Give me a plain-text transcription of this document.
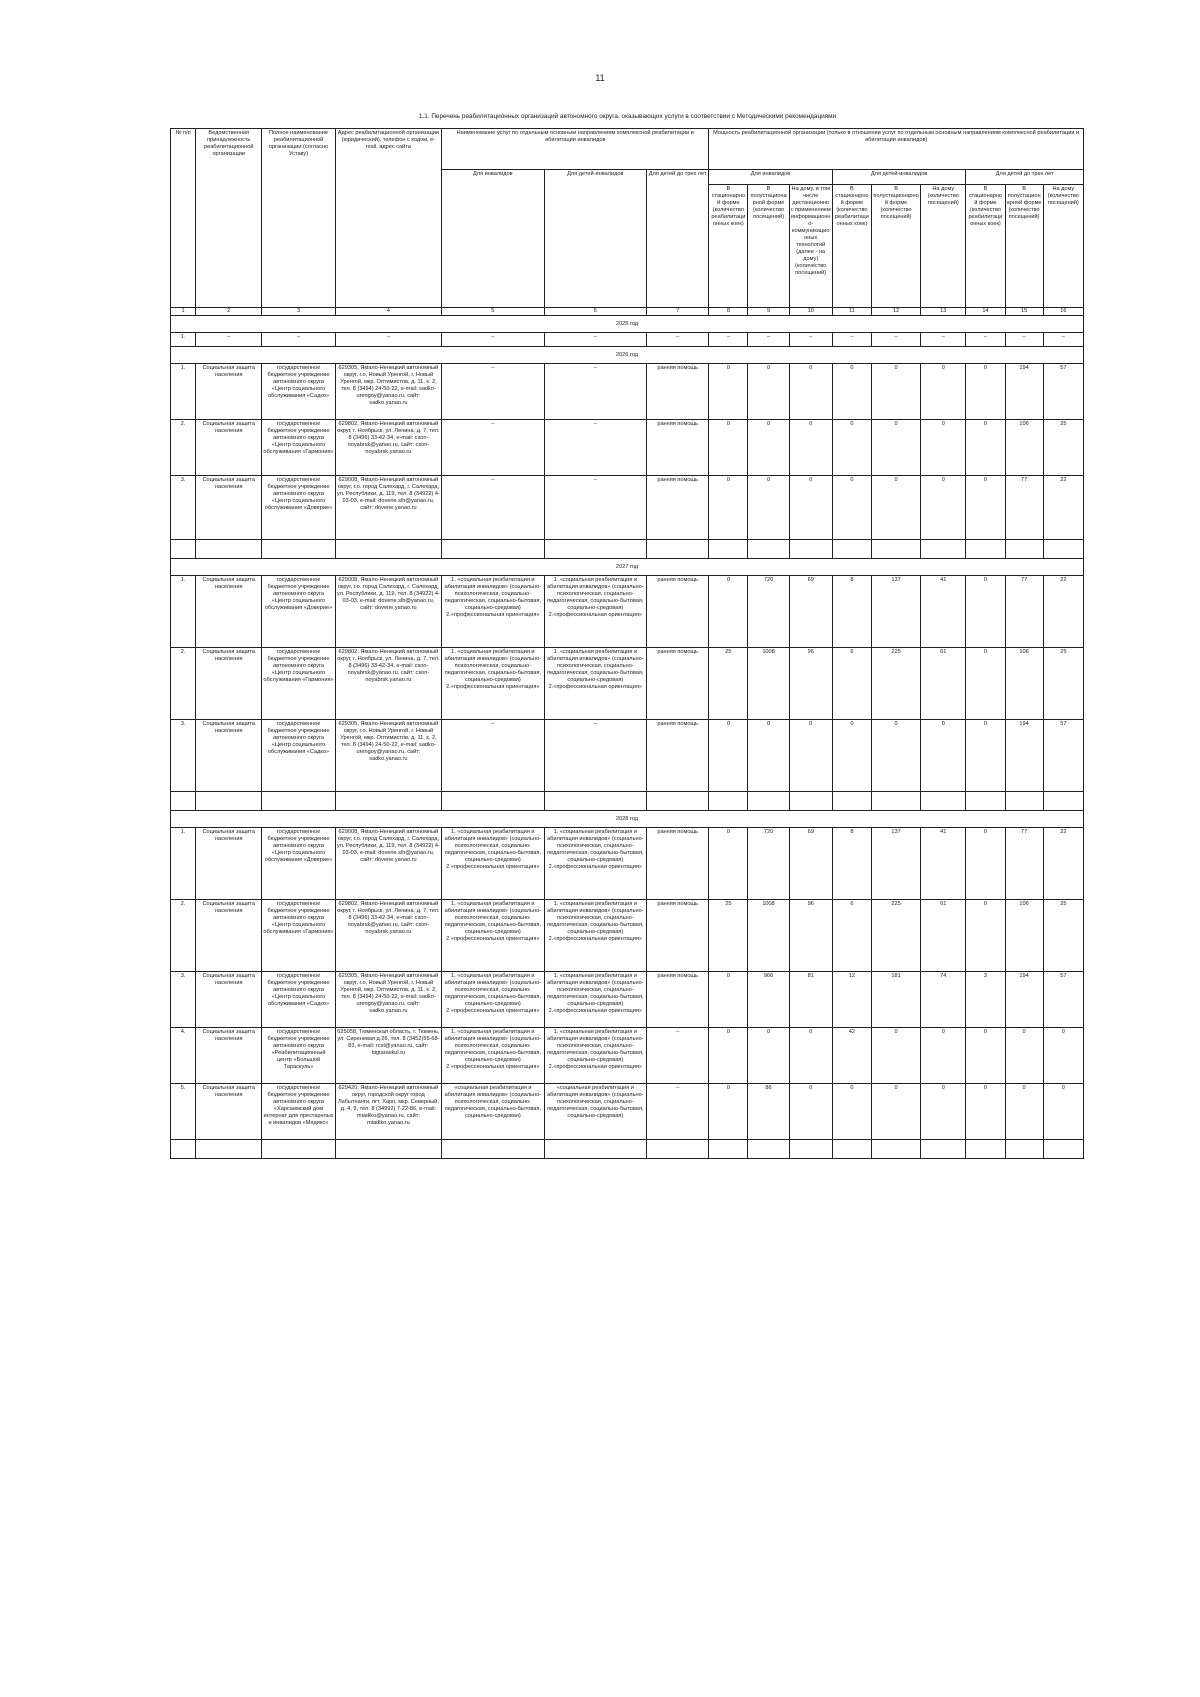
11
1.1. Перечень реабилитационных организаций автономного округа, оказывающих услуги в соответствии с Методическими рекомендациями
№ п/п	Ведомственная принадлежность реабилитационной организации	Полное наименование реабилитационной организации (согласно Уставу)	Адрес реабилитационной организации (юридический), телефон с кодом, e-mail, адрес сайта	Наименование услуг по отдельным основным направлениям комплексной реабилитации и абилитации инвалидов			Мощность реабилитационной организации (только в отношении услуг по отдельным основным направлениям комплексной реабилитации и абилитации инвалидов)								
				Для инвалидов	Для детей-инвалидов	Для детей до трех лет	Для инвалидов			Для детей-инвалидов			Для детей до трех лет		
							В стационарной форме (количество реабилитационных коек)	В полустационарной форме (количество посещений)	На дому, в том числе дистанционно с применением информационно-коммуникационных технологий (далее - на дому) (количество посещений)	В стационарной форме (количество реабилитационных коек)	В полустационарной форме (количество посещений)	На дому (количество посещений)	В стационарной форме (количество реабилитационных коек)	В полустационарной форме (количество посещений)	На дому (количество посещений)
1	2	3	4	5	6	7	8	9	10	11	12	13	14	15	16
2025 год															
1.	–	–	–	–	–	–	–	–	–	–	–	–	–	–	–
2026 год															
1.	Социальная защита населения	государственное бюджетное учреждение автономного округа «Центр социального обслуживания «Садко»	629305, Ямало-Ненецкий автономный округ, г.о. Новый Уренгой, г. Новый Уренгой, мкр. Оптимистов, д. 11, к. 2, тел. 8 (3494) 24-50-22, e-mail: sadko-urengoy@yanao.ru, сайт: sadko.yanao.ru	–	–	ранняя помощь	0	0	0	0	0	0	0	194	57
2.	Социальная защита населения	государственное бюджетное учреждение автономного округа «Центр социального обслуживания «Гармония»	629802, Ямало-Ненецкий автономный округ, г. Ноябрьск, ул. Ленина, д. 7, тел. 8 (3496) 33-42-34, e-mail: cson-noyabrsk@yanao.ru, сайт: cson-noyabrsk.yanao.ru	–	–	ранняя помощь	0	0	0	0	0	0	0	106	25
3.	Социальная защита населения	государственное бюджетное учреждение автономного округа «Центр социального обслуживания «Доверие»	629008, Ямало-Ненецкий автономный округ, г.о. город Салехард, г. Салехард, ул. Республики, д. 119, тел. 8 (34922) 4-03-03, e-mail: doverie.slh@yanao.ru, сайт: doverie.yanao.ru	–	–	ранняя помощь	0	0	0	0	0	0	0	77	22

2027 год															
1.	Социальная защита населения	государственное бюджетное учреждение автономного округа «Центр социального обслуживания «Доверие»	629008, Ямало-Ненецкий автономный округ, г.о. город Салехард, г. Салехард, ул. Республики, д. 119, тел. 8 (34922) 4-03-03, e-mail: doverie.slh@yanao.ru, сайт: doverie.yanao.ru	1. «социальная реабилитация и абилитация инвалидов» (социально-психологическая, социально-педагогическая, социально-бытовая, социально-средовая) 2.«профессиональная ориентация»	1. «социальная реабилитация и абилитация инвалидов» (социально-психологическая, социально-педагогическая, социально-бытовая, социально-средовая) 2.«профессиональная ориентация»	ранняя помощь	0	720	69	8	137	41	0	77	22
2.	Социальная защита населения	государственное бюджетное учреждение автономного округа «Центр социального обслуживания «Гармония»	629802, Ямало-Ненецкий автономный округ, г. Ноябрьск, ул. Ленина, д. 7, тел. 8 (3496) 33-42-34, e-mail: cson-noyabrsk@yanao.ru, сайт: cson-noyabrsk.yanao.ru	1. «социальная реабилитация и абилитация инвалидов» (социально-психологическая, социально-педагогическая, социально-бытовая, социально-средовая) 2.«профессиональная ориентация»	1. «социальная реабилитация и абилитация инвалидов» (социально-психологическая, социально-педагогическая, социально-бытовая, социально-средовая) 2.«профессиональная ориентация»	ранняя помощь	25	1008	96	6	225	61	0	106	25
3.	Социальная защита населения	государственное бюджетное учреждение автономного округа «Центр социального обслуживания «Садко»	629305, Ямало-Ненецкий автономный округ, г.о. Новый Уренгой, г. Новый Уренгой, мкр. Оптимистов, д. 11, к. 2, тел. 8 (3494) 24-50-22, e-mail: sadko-urengoy@yanao.ru, сайт: sadko.yanao.ru	–	–	ранняя помощь	0	0	0	0	0	0	0	194	57

2028 год															
1.	Социальная защита населения	государственное бюджетное учреждение автономного округа «Центр социального обслуживания «Доверие»	629008, Ямало-Ненецкий автономный округ, г.о. город Салехард, г. Салехард, ул. Республики, д. 119, тел. 8 (34922) 4-03-03, e-mail: doverie.slh@yanao.ru, сайт: doverie.yanao.ru	1. «социальная реабилитация и абилитация инвалидов» (социально-психологическая, социально-педагогическая, социально-бытовая, социально-средовая) 2.«профессиональная ориентация»	1. «социальная реабилитация и абилитация инвалидов» (социально-психологическая, социально-педагогическая, социально-бытовая, социально-средовая) 2.«профессиональная ориентация»	ранняя помощь	0	720	69	8	137	41	0	77	22
2.	Социальная защита населения	государственное бюджетное учреждение автономного округа «Центр социального обслуживания «Гармония»	629802, Ямало-Ненецкий автономный округ, г. Ноябрьск, ул. Ленина, д. 7, тел. 8 (3496) 33-42-34, e-mail: cson-noyabrsk@yanao.ru, сайт: cson-noyabrsk.yanao.ru	1. «социальная реабилитация и абилитация инвалидов» (социально-психологическая, социально-педагогическая, социально-бытовая, социально-средовая) 2.«профессиональная ориентация»	1. «социальная реабилитация и абилитация инвалидов» (социально-психологическая, социально-педагогическая, социально-бытовая, социально-средовая) 2.«профессиональная ориентация»	ранняя помощь	25	1008	96	6	225	61	0	106	25
3.	Социальная защита населения	государственное бюджетное учреждение автономного округа «Центр социального обслуживания «Садко»	629305, Ямало-Ненецкий автономный округ, г.о. Новый Уренгой, г. Новый Уренгой, мкр. Оптимистов, д. 11, к. 2, тел. 8 (3494) 24-50-22, e-mail: sadko-urengoy@yanao.ru, сайт: sadko.yanao.ru	1. «социальная реабилитация и абилитация инвалидов» (социально-психологическая, социально-педагогическая, социально-бытовая, социально-средовая) 2.«профессиональная ориентация»	1. «социальная реабилитация и абилитация инвалидов» (социально-психологическая, социально-педагогическая, социально-бытовая, социально-средовая) 2.«профессиональная ориентация»	ранняя помощь	0	966	81	12	181	74	3	194	57
4.	Социальная защита населения	государственное бюджетное учреждение автономного округа «Реабилитационный центр «Большой Тараскуль»	625058, Тюменская область, г. Тюмень, ул. Сиреневая д.26, тел. 8 (3452)55-68-83, e-mail: rcst@yanao.ru, сайт: bigtaraskul.ru	1. «социальная реабилитация и абилитация инвалидов» (социально-психологическая, социально-педагогическая, социально-бытовая, социально-средовая) 2.«профессиональная ориентация»	1. «социальная реабилитация и абилитация инвалидов» (социально-психологическая, социально-педагогическая, социально-бытовая, социально-средовая) 2.«профессиональная ориентация»	–	0	0	0	42	0	0	0	0	0
5.	Социальная защита населения	государственное бюджетное учреждение автономного округа «Харсаимский дом интернат для престарелых и инвалидов «Мядико»	629420, Ямало-Ненецкий автономный округ, городской округ город Лабытнанги, пгт. Харп, мкр. Северный, д. 4, 9, тел. 8 (34992) 7-22-86, e-mail: miadiko@yanao.ru, сайт: miadiko.yanao.ru	«социальная реабилитация и абилитация инвалидов» (социально-психологическая, социально-педагогическая, социально-бытовая, социально-средовая)	«социальная реабилитация и абилитация инвалидов» (социально-психологическая, социально-педагогическая, социально-бытовая, социально-средовая)	–	0	86	0	0	0	0	0	0	0
